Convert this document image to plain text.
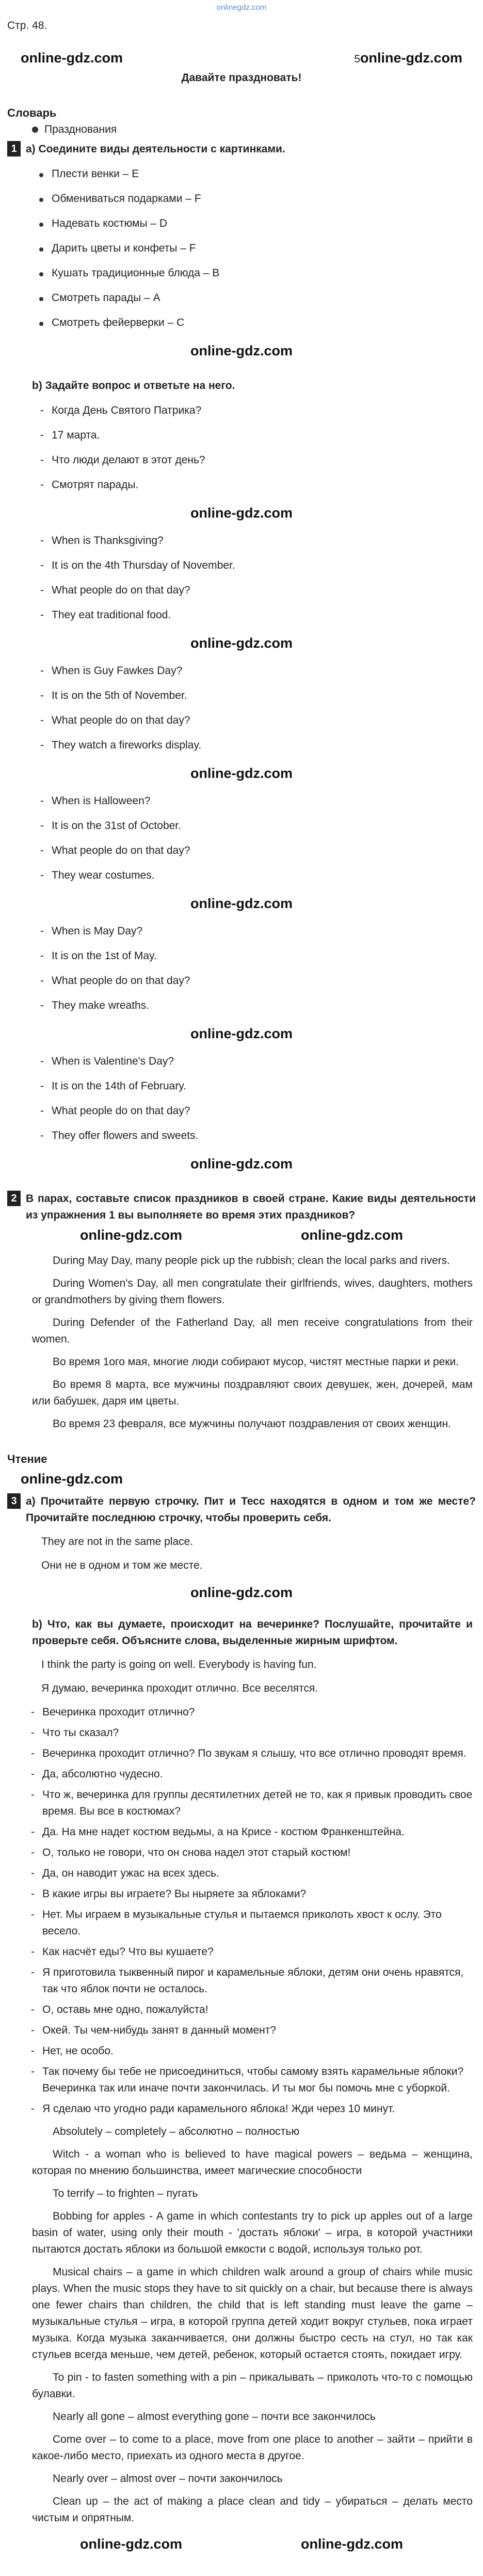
onlinegdz.com
Стр. 48.
online-gdz.com	5online-gdz.com
Давайте праздновать!
Словарь
Празднования
1 а) Соедините виды деятельности с картинками.
Плести венки – E
Обмениваться подарками – F
Надевать костюмы – D
Дарить цветы и конфеты – F
Кушать традиционные блюда – B
Смотреть парады – A
Смотреть фейерверки – C
online-gdz.com
b) Задайте вопрос и ответьте на него.
- Когда День Святого Патрика?
- 17 марта.
- Что люди делают в этот день?
- Смотрят парады.
online-gdz.com
- When is Thanksgiving?
- It is on the 4th Thursday of November.
- What people do on that day?
- They eat traditional food.
online-gdz.com
- When is Guy Fawkes Day?
- It is on the 5th of November.
- What people do on that day?
- They watch a fireworks display.
online-gdz.com
- When is Halloween?
- It is on the 31st of October.
- What people do on that day?
- They wear costumes.
online-gdz.com
- When is May Day?
- It is on the 1st of May.
- What people do on that day?
- They make wreaths.
online-gdz.com
- When is Valentine's Day?
- It is on the 14th of February.
- What people do on that day?
- They offer flowers and sweets.
online-gdz.com
2 В парах, составьте список праздников в своей стране. Какие виды деятельности из упражнения 1 вы выполняете во время этих праздников?
online-gdz.com	online-gdz.com
During May Day, many people pick up the rubbish; clean the local parks and rivers.
During Women's Day, all men congratulate their girlfriends, wives, daughters, mothers or grandmothers by giving them flowers.
During Defender of the Fatherland Day, all men receive congratulations from their women.
Во время 1ого мая, многие люди собирают мусор, чистят местные парки и реки.
Во время 8 марта, все мужчины поздравляют своих девушек, жен, дочерей, мам или бабушек, даря им цветы.
Во время 23 февраля, все мужчины получают поздравления от своих женщин.
Чтение
online-gdz.com
3 а) Прочитайте первую строчку. Пит и Тесс находятся в одном и том же месте? Прочитайте последнюю строчку, чтобы проверить себя.
They are not in the same place.
Они не в одном и том же месте.
online-gdz.com
b) Что, как вы думаете, происходит на вечеринке? Послушайте, прочитайте и проверьте себя. Объясните слова, выделенные жирным шрифтом.
I think the party is going on well. Everybody is having fun.
Я думаю, вечеринка проходит отлично. Все веселятся.
- Вечеринка проходит отлично?
- Что ты сказал?
- Вечеринка проходит отлично? По звукам я слышу, что все отлично проводят время.
- Да, абсолютно чудесно.
- Что ж, вечеринка для группы десятилетних детей не то, как я привык проводить свое время. Вы все в костюмах?
- Да. На мне надет костюм ведьмы, а на Крисе - костюм Франкенштейна.
- О, только не говори, что он снова надел этот старый костюм!
- Да, он наводит ужас на всех здесь.
- В какие игры вы играете? Вы ныряете за яблоками?
- Нет. Мы играем в музыкальные стулья и пытаемся приколоть хвост к ослу. Это весело.
- Как насчёт еды? Что вы кушаете?
- Я приготовила тыквенный пирог и карамельные яблоки, детям они очень нравятся, так что яблок почти не осталось.
- О, оставь мне одно, пожалуйста!
- Окей. Ты чем-нибудь занят в данный момент?
- Нет, не особо.
- Так почему бы тебе не присоединиться, чтобы самому взять карамельные яблоки? Вечеринка так или иначе почти закончилась. И ты мог бы помочь мне с уборкой.
- Я сделаю что угодно ради карамельного яблока! Жди через 10 минут.
Absolutely – completely – абсолютно – полностью
Witch - a woman who is believed to have magical powers – ведьма – женщина, которая по мнению большинства, имеет магические способности
To terrify – to frighten – пугать
Bobbing for apples - A game in which contestants try to pick up apples out of a large basin of water, using only their mouth - 'достать яблоки' – игра, в которой участники пытаются достать яблоки из большой емкости с водой, используя только рот.
Musical chairs – a game in which children walk around a group of chairs while music plays. When the music stops they have to sit quickly on a chair, but because there is always one fewer chairs than children, the child that is left standing must leave the game – музыкальные стулья – игра, в которой группа детей ходит вокруг стульев, пока играет музыка. Когда музыка заканчивается, они должны быстро сесть на стул, но так как стульев всегда меньше, чем детей, ребенок, который остается стоять, покидает игру.
To pin - to fasten something with a pin – прикалывать – приколоть что-то с помощью булавки.
Nearly all gone – almost everything gone – почти все закончилось
Come over – to come to a place, move from one place to another – зайти – прийти в какое-либо место, приехать из одного места в другое.
Nearly over – almost over – почти закончилось
Clean up – the act of making a place clean and tidy – убираться – делать место чистым и опрятным.
online-gdz.com	online-gdz.com
